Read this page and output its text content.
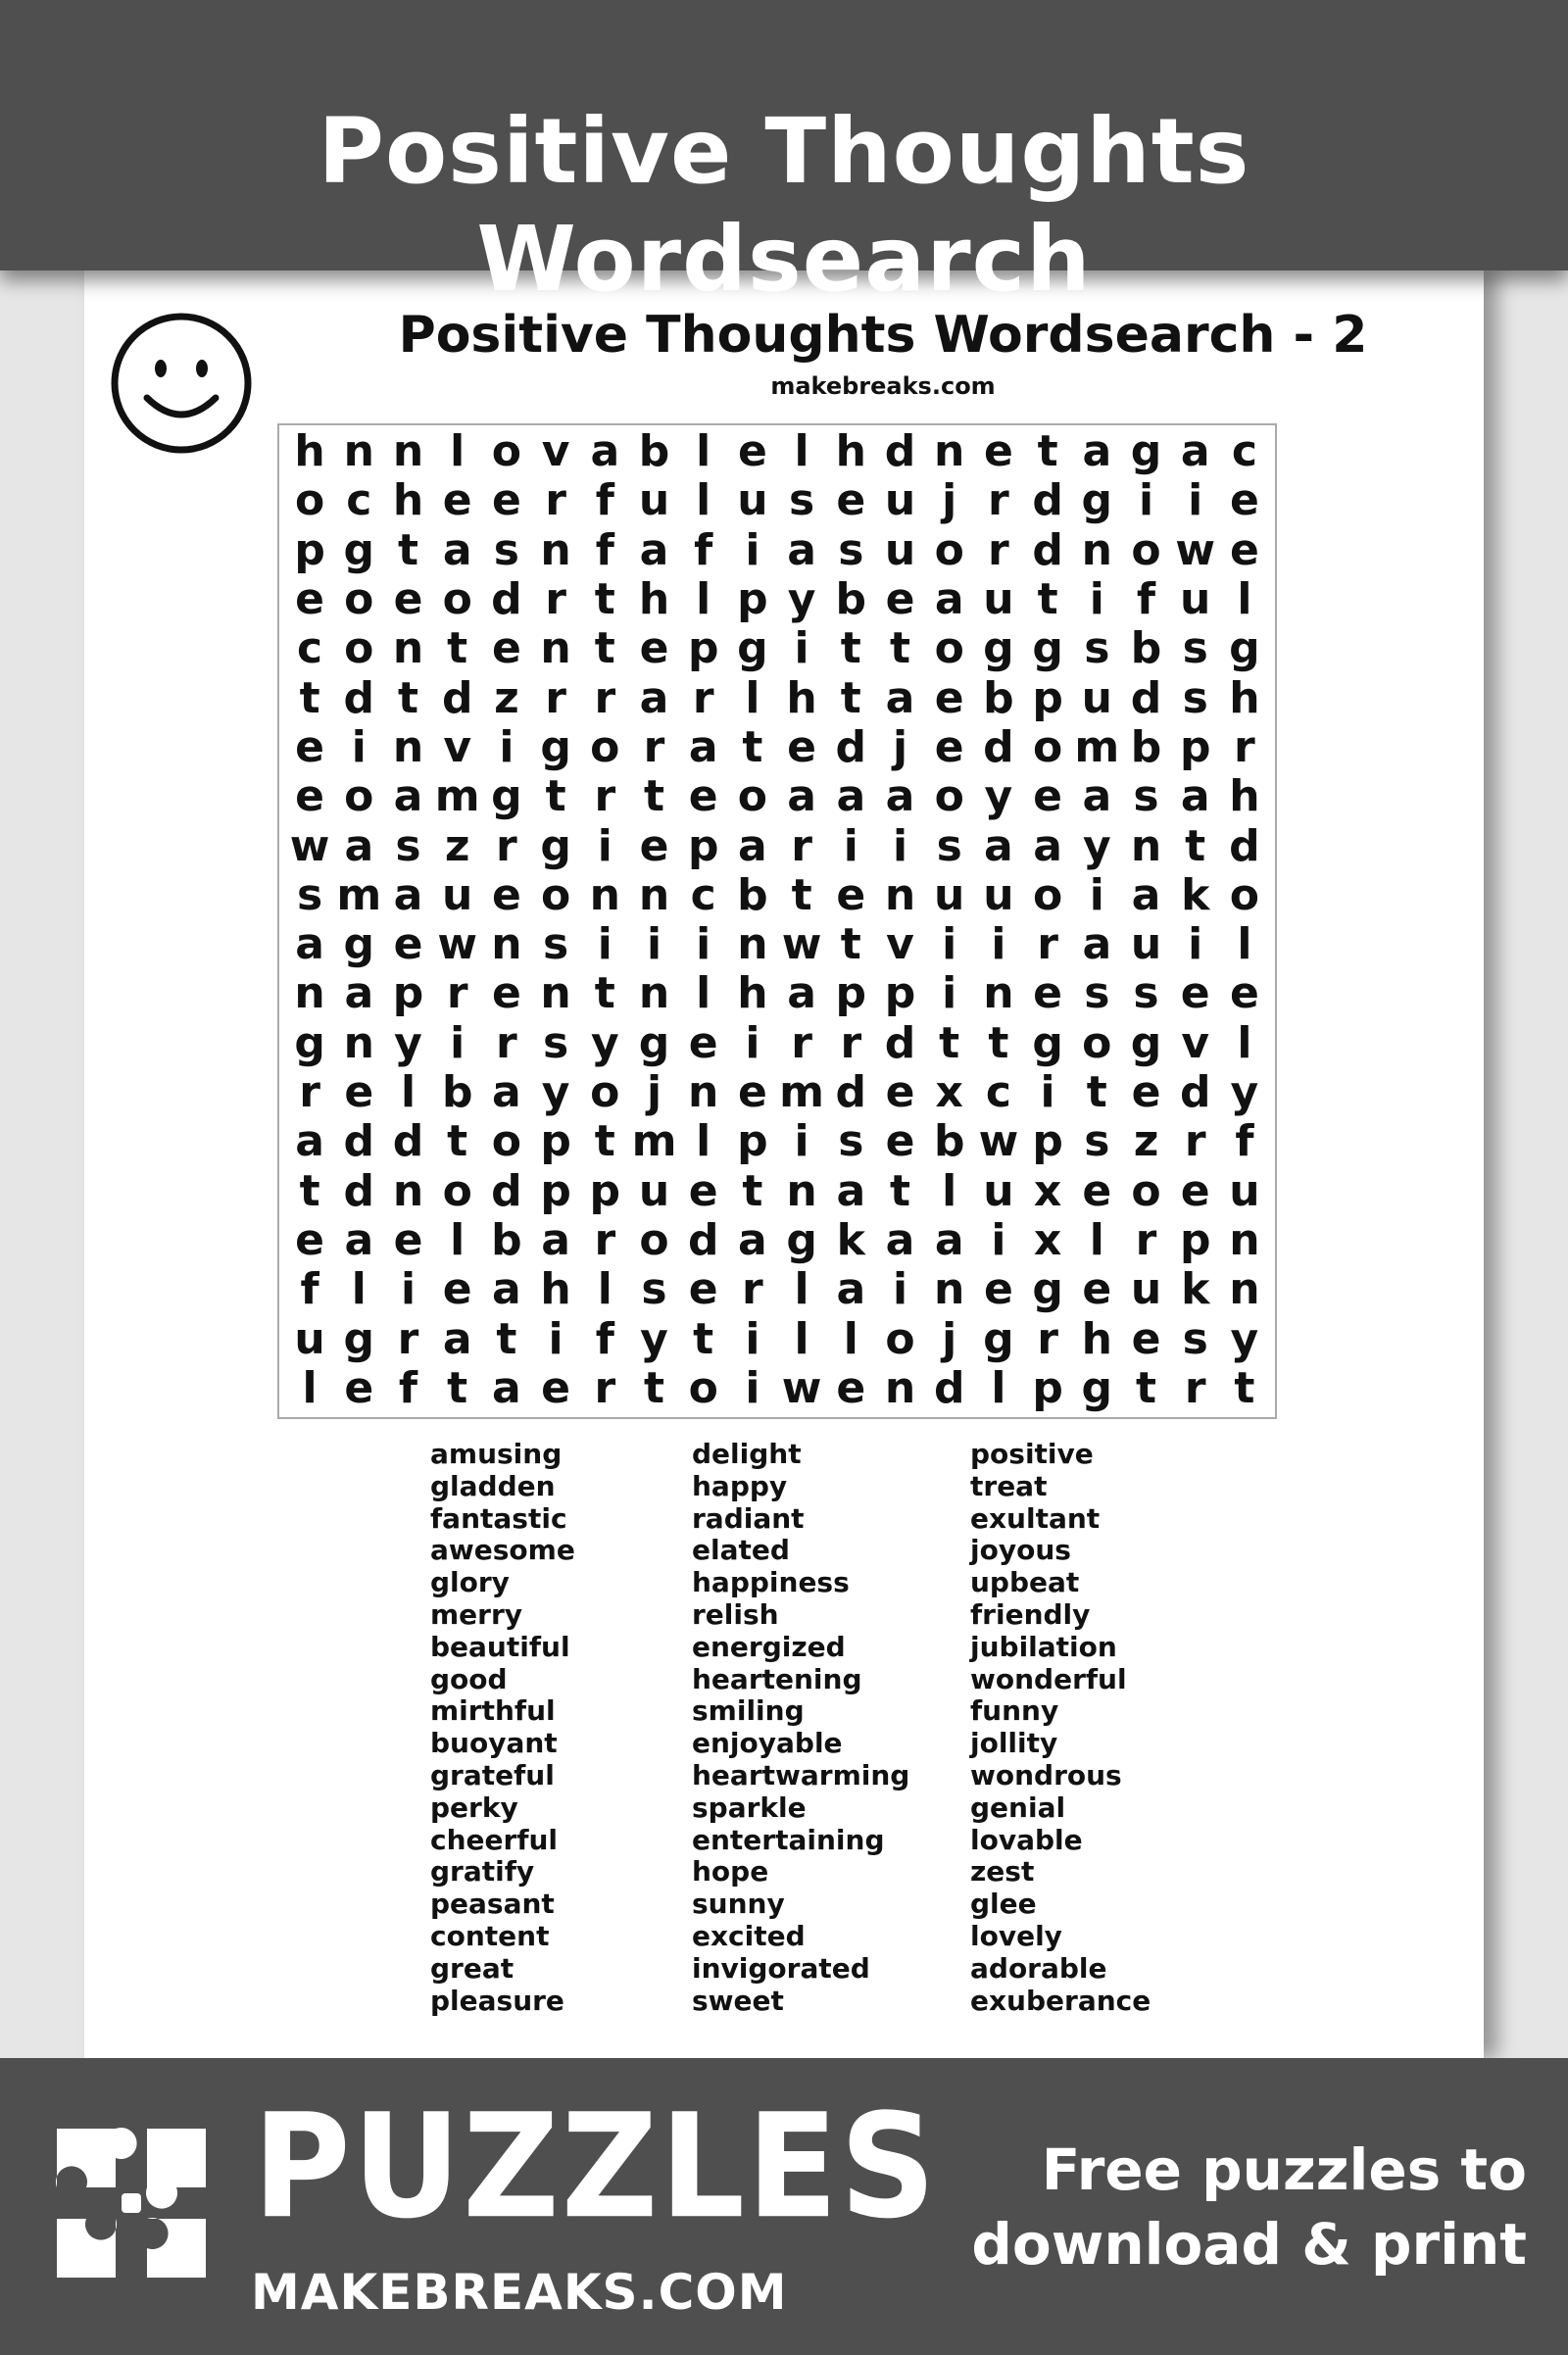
Positive Thoughts Wordsearch
Positive Thoughts Wordsearch - 2
makebreaks.com
h n n l o v a b l e l h d n e t a g a c
o c h e e r f u l u s e u j r d g i i e
p g t a s n f a f i a s u o r d n o w e
e o e o d r t h l p y b e a u t i f u l
c o n t e n t e p g i t t o g g s b s g
t d t d z r r a r l h t a e b p u d s h
e i n v i g o r a t e d j e d o m b p r
e o a m g t r t e o a a a o y e a s a h
w a s z r g i e p a r i i s a a y n t d
s m a u e o n n c b t e n u u o i a k o
a g e w n s i i i n w t v i i r a u i l
n a p r e n t n l h a p p i n e s s e e
g n y i r s y g e i r r d t t g o g v l
r e l b a y o j n e m d e x c i t e d y
a d d t o p t m l p i s e b w p s z r f
t d n o d p p u e t n a t l u x e o e u
e a e l b a r o d a g k a a i x l r p n
f l i e a h l s e r l a i n e g e u k n
u g r a t i f y t i l l o j g r h e s y
l e f t a e r t o i w e n d l p g t r t
amusing
gladden
fantastic
awesome
glory
merry
beautiful
good
mirthful
buoyant
grateful
perky
cheerful
gratify
peasant
content
great
pleasure
delight
happy
radiant
elated
happiness
relish
energized
heartening
smiling
enjoyable
heartwarming
sparkle
entertaining
hope
sunny
excited
invigorated
sweet
positive
treat
exultant
joyous
upbeat
friendly
jubilation
wonderful
funny
jollity
wondrous
genial
lovable
zest
glee
lovely
adorable
exuberance
PUZZLES
MAKEBREAKS.COM
Free puzzles to
download & print
